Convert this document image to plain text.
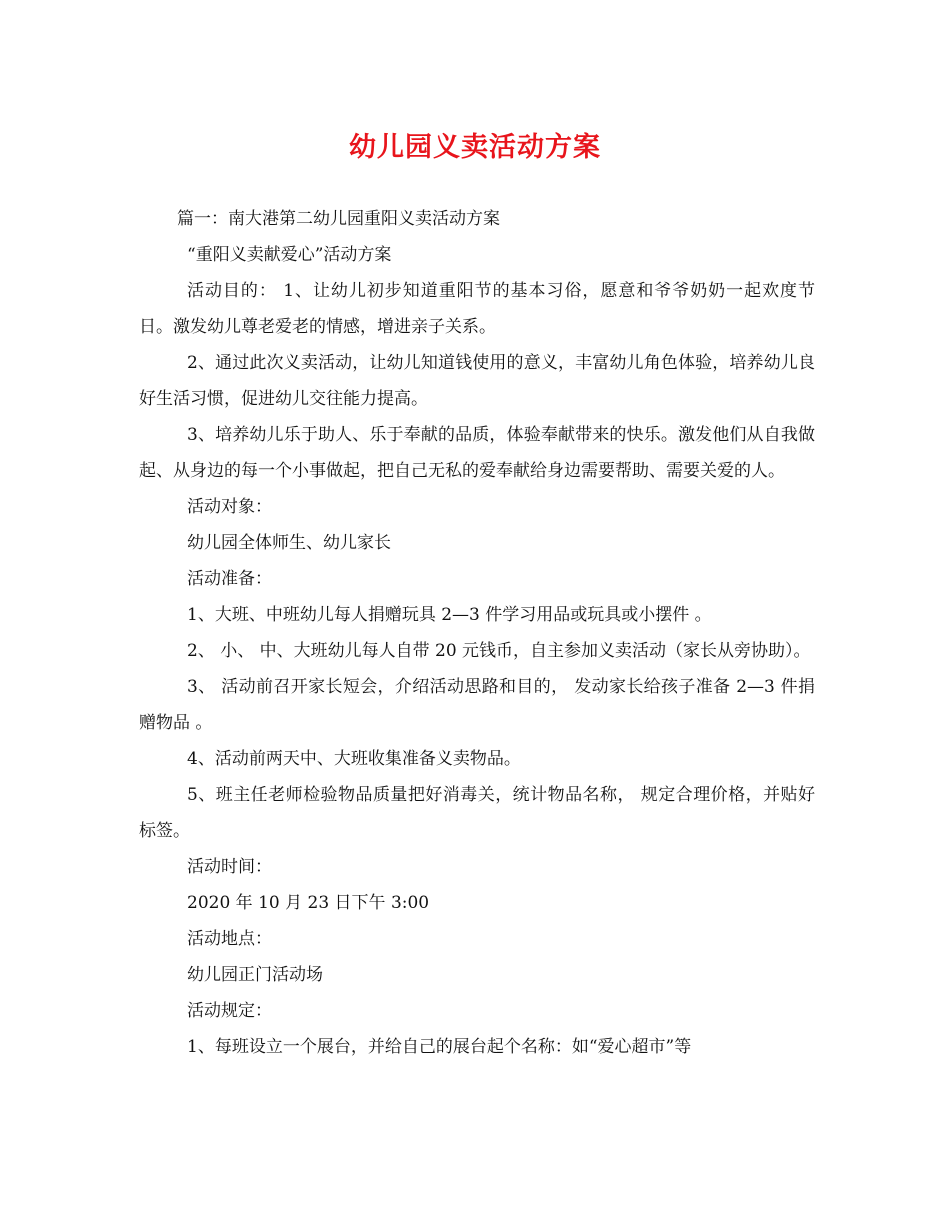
幼儿园义卖活动方案

篇一：南大港第二幼儿园重阳义卖活动方案

“重阳义卖献爱心”活动方案

活动目的： 1、让幼儿初步知道重阳节的基本习俗，愿意和爷爷奶奶一起欢度节日。激发幼儿尊老爱老的情感，增进亲子关系。

2、通过此次义卖活动，让幼儿知道钱使用的意义，丰富幼儿角色体验，培养幼儿良好生活习惯，促进幼儿交往能力提高。

3、培养幼儿乐于助人、乐于奉献的品质，体验奉献带来的快乐。激发他们从自我做起、从身边的每一个小事做起，把自己无私的爱奉献给身边需要帮助、需要关爱的人。

活动对象：

幼儿园全体师生、幼儿家长

活动准备：

1、大班、中班幼儿每人捐赠玩具 2—3 件学习用品或玩具或小摆件 。

2、 小、 中、大班幼儿每人自带 20 元钱币，自主参加义卖活动（家长从旁协助）。

3、 活动前召开家长短会，介绍活动思路和目的， 发动家长给孩子准备 2—3 件捐赠物品 。

4、活动前两天中、大班收集准备义卖物品。

5、班主任老师检验物品质量把好消毒关，统计物品名称， 规定合理价格，并贴好标签。

活动时间：

2020 年 10 月 23 日下午 3:00

活动地点：

幼儿园正门活动场

活动规定：

1、每班设立一个展台，并给自己的展台起个名称：如“爱心超市”等
